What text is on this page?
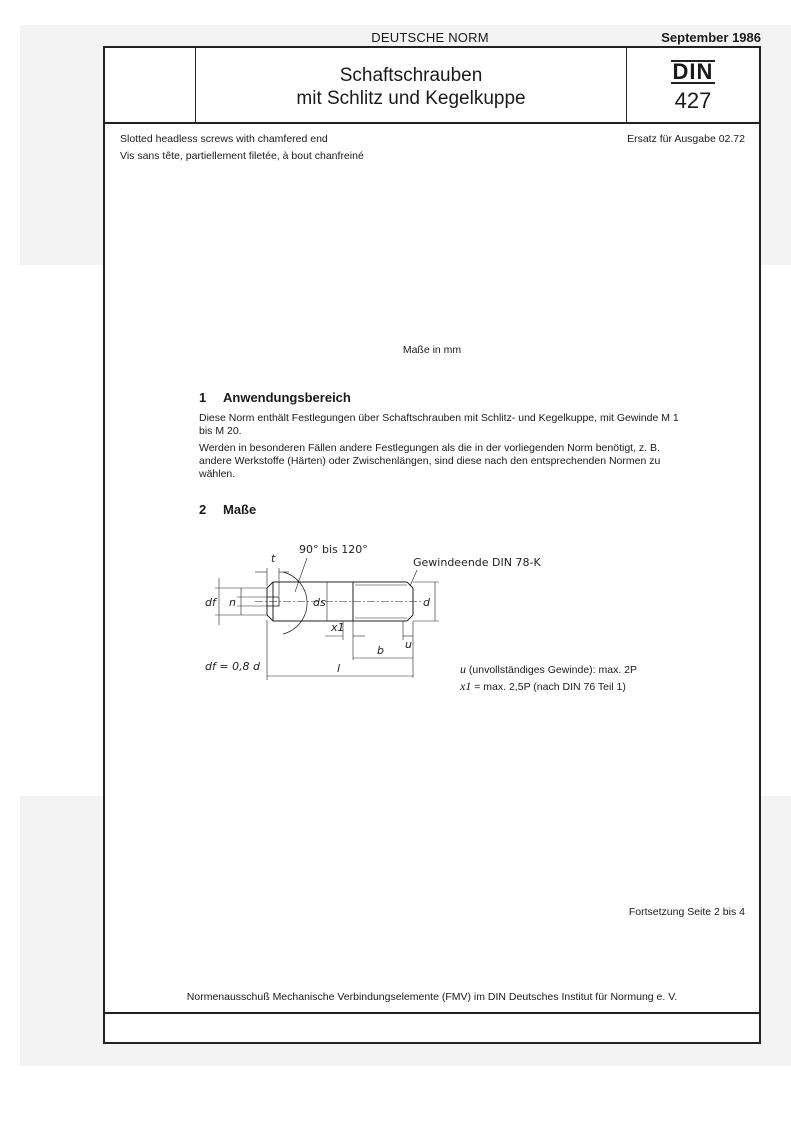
DEUTSCHE NORM	September 1986
Schaftschrauben
mit Schlitz und Kegelkuppe
DIN
427
Slotted headless screws with chamfered end
Vis sans tête, partiellement filetée, à bout chanfreiné
Ersatz für Ausgabe 02.72
Maße in mm
1 Anwendungsbereich
Diese Norm enthält Festlegungen über Schaftschrauben mit Schlitz- und Kegelkuppe, mit Gewinde M 1 bis M 20.
Werden in besonderen Fällen andere Festlegungen als die in der vorliegenden Norm benötigt, z. B. andere Werkstoffe (Härten) oder Zwischenlängen, sind diese nach den entsprechenden Normen zu wählen.
2 Maße
t
90° bis 120°
Gewindeende DIN 78-K
df n	ds	d
x1
u
b
l
df = 0,8 d	u (unvollständiges Gewinde): max. 2P
x1 = max. 2,5P (nach DIN 76 Teil 1)
Fortsetzung Seite 2 bis 4
Normenausschuß Mechanische Verbindungselemente (FMV) im DIN Deutsches Institut für Normung e. V.
